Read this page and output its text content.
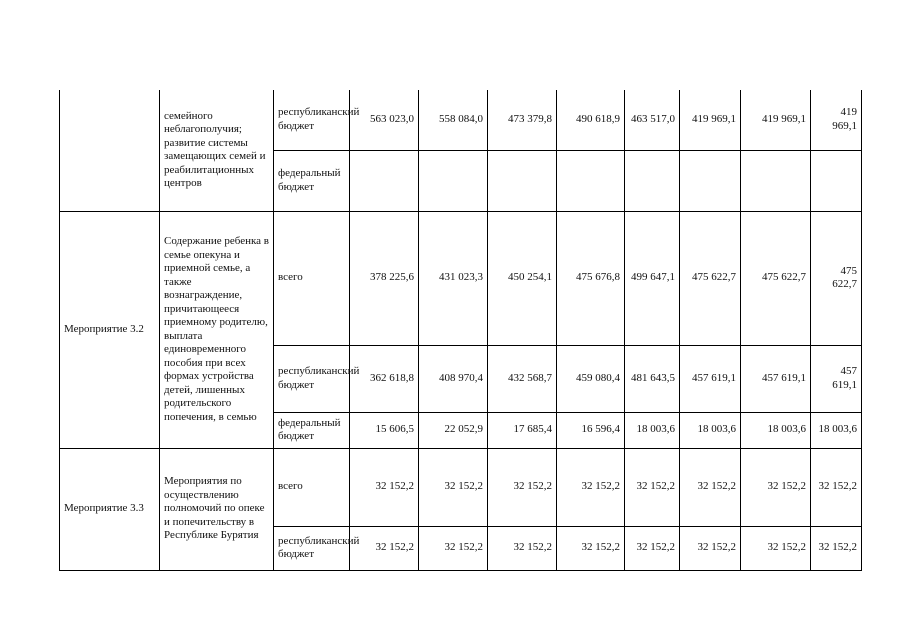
	семейного неблагополучия; развитие системы замещающих семей и реабилитационных центров	республиканский бюджет	563 023,0	558 084,0	473 379,8	490 618,9	463 517,0	419 969,1	419 969,1	419 969,1
		федеральный бюджет								
Мероприятие 3.2	Содержание ребенка в семье опекуна и приемной семье, а также вознаграждение, причитающееся приемному родителю, выплата единовременного пособия при всех формах устройства детей, лишенных родительского попечения, в семью	всего	378 225,6	431 023,3	450 254,1	475 676,8	499 647,1	475 622,7	475 622,7	475 622,7
		республиканский бюджет	362 618,8	408 970,4	432 568,7	459 080,4	481 643,5	457 619,1	457 619,1	457 619,1
		федеральный бюджет	15 606,5	22 052,9	17 685,4	16 596,4	18 003,6	18 003,6	18 003,6	18 003,6
Мероприятие 3.3	Мероприятия по осуществлению полномочий по опеке и попечительству в Республике Бурятия	всего	32 152,2	32 152,2	32 152,2	32 152,2	32 152,2	32 152,2	32 152,2	32 152,2
		республиканский бюджет	32 152,2	32 152,2	32 152,2	32 152,2	32 152,2	32 152,2	32 152,2	32 152,2
